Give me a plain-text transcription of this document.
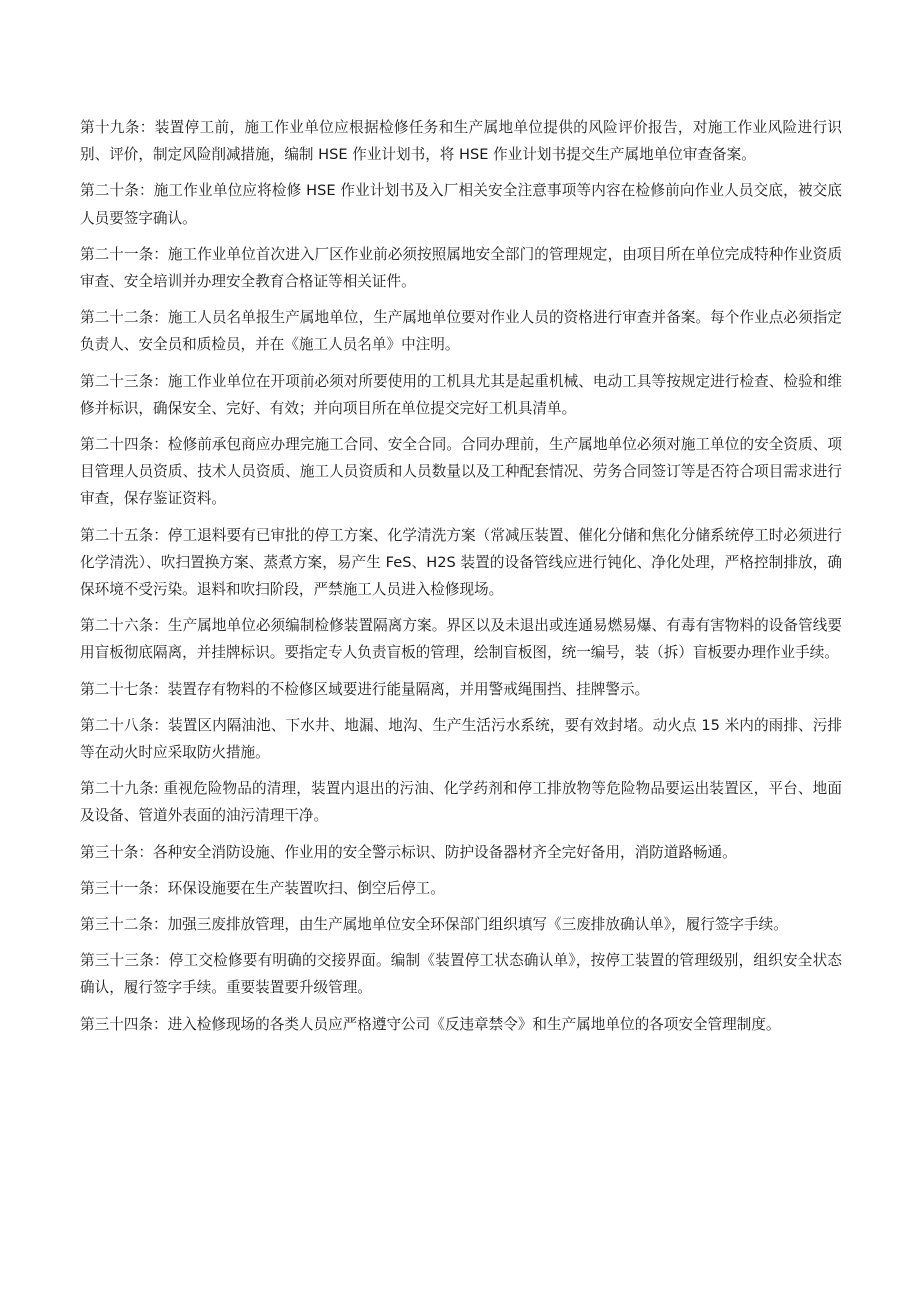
第十九条：装置停工前，施工作业单位应根据检修任务和生产属地单位提供的风险评价报告，对施工作业风险进行识别、评价，制定风险削减措施，编制 HSE 作业计划书，将 HSE 作业计划书提交生产属地单位审查备案。

第二十条：施工作业单位应将检修 HSE 作业计划书及入厂相关安全注意事项等内容在检修前向作业人员交底，被交底人员要签字确认。

第二十一条：施工作业单位首次进入厂区作业前必须按照属地安全部门的管理规定，由项目所在单位完成特种作业资质审查、安全培训并办理安全教育合格证等相关证件。

第二十二条：施工人员名单报生产属地单位，生产属地单位要对作业人员的资格进行审查并备案。每个作业点必须指定负责人、安全员和质检员，并在《施工人员名单》中注明。

第二十三条：施工作业单位在开项前必须对所要使用的工机具尤其是起重机械、电动工具等按规定进行检查、检验和维修并标识，确保安全、完好、有效；并向项目所在单位提交完好工机具清单。

第二十四条：检修前承包商应办理完施工合同、安全合同。合同办理前，生产属地单位必须对施工单位的安全资质、项目管理人员资质、技术人员资质、施工人员资质和人员数量以及工种配套情况、劳务合同签订等是否符合项目需求进行审查，保存鉴证资料。

第二十五条：停工退料要有已审批的停工方案、化学清洗方案（常减压装置、催化分储和焦化分储系统停工时必须进行化学清洗）、吹扫置换方案、蒸煮方案，易产生 FeS、H2S 装置的设备管线应进行钝化、净化处理，严格控制排放，确保环境不受污染。退料和吹扫阶段，严禁施工人员进入检修现场。

第二十六条：生产属地单位必须编制检修装置隔离方案。界区以及未退出或连通易燃易爆、有毒有害物料的设备管线要用盲板彻底隔离，并挂牌标识。要指定专人负责盲板的管理，绘制盲板图，统一编号，装（拆）盲板要办理作业手续。

第二十七条：装置存有物料的不检修区域要进行能量隔离，并用警戒绳围挡、挂牌警示。

第二十八条：装置区内隔油池、下水井、地漏、地沟、生产生活污水系统，要有效封堵。动火点 15 米内的雨排、污排等在动火时应采取防火措施。

第二十九条: 重视危险物品的清理，装置内退出的污油、化学药剂和停工排放物等危险物品要运出装置区，平台、地面及设备、管道外表面的油污清理干净。

第三十条：各种安全消防设施、作业用的安全警示标识、防护设备器材齐全完好备用，消防道路畅通。

第三十一条：环保设施要在生产装置吹扫、倒空后停工。

第三十二条：加强三废排放管理，由生产属地单位安全环保部门组织填写《三废排放确认单》，履行签字手续。

第三十三条：停工交检修要有明确的交接界面。编制《装置停工状态确认单》，按停工装置的管理级别，组织安全状态确认，履行签字手续。重要装置要升级管理。

第三十四条：进入检修现场的各类人员应严格遵守公司《反违章禁令》和生产属地单位的各项安全管理制度。
